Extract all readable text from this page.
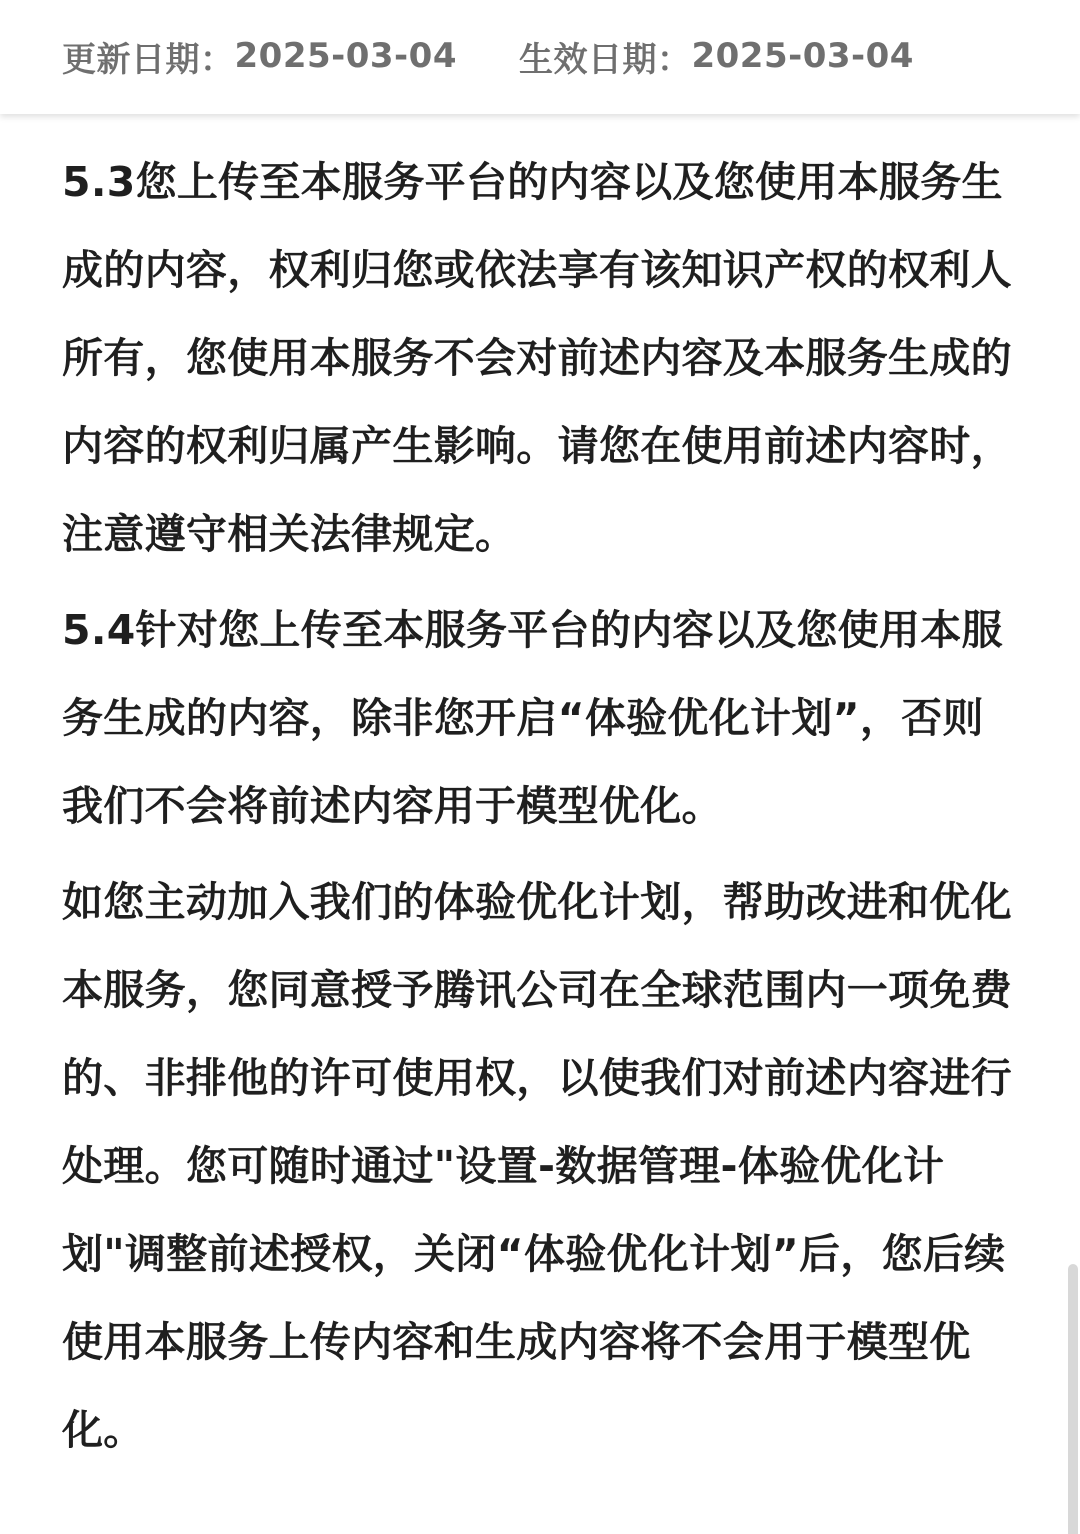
更新日期： 2025-03-04 生效日期： 2025-03-04

5.3您上传至本服务平台的内容以及您使用本服务生成的内容，权利归您或依法享有该知识产权的权利人所有，您使用本服务不会对前述内容及本服务生成的内容的权利归属产生影响。请您在使用前述内容时，注意遵守相关法律规定。

5.4针对您上传至本服务平台的内容以及您使用本服务生成的内容，除非您开启“体验优化计划”，否则我们不会将前述内容用于模型优化。

如您主动加入我们的体验优化计划，帮助改进和优化本服务，您同意授予腾讯公司在全球范围内一项免费的、非排他的许可使用权，以使我们对前述内容进行处理。您可随时通过"设置-数据管理-体验优化计划"调整前述授权，关闭“体验优化计划”后，您后续使用本服务上传内容和生成内容将不会用于模型优化。
